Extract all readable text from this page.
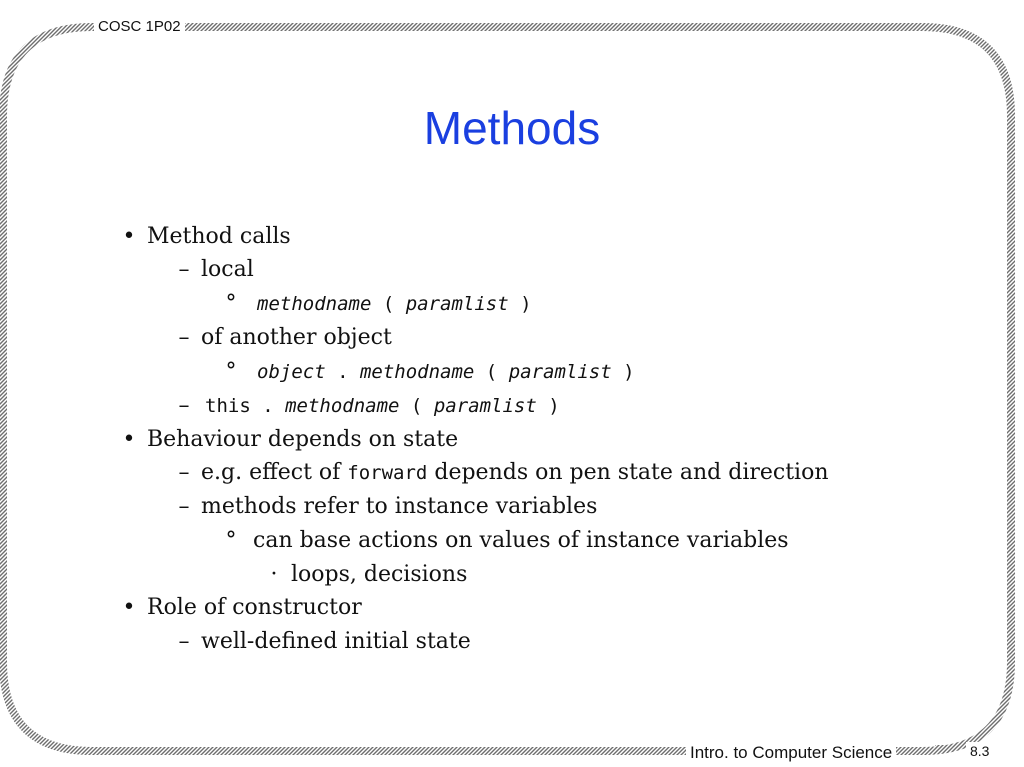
COSC 1P02
Intro. to Computer Science	8.3
Methods
• Method calls
– local
° methodname ( paramlist )
– of another object
° object . methodname ( paramlist )
– this . methodname ( paramlist )
• Behaviour depends on state
– e.g. effect of forward depends on pen state and direction
– methods refer to instance variables
° can base actions on values of instance variables
· loops, decisions
• Role of constructor
– well-defined initial state
